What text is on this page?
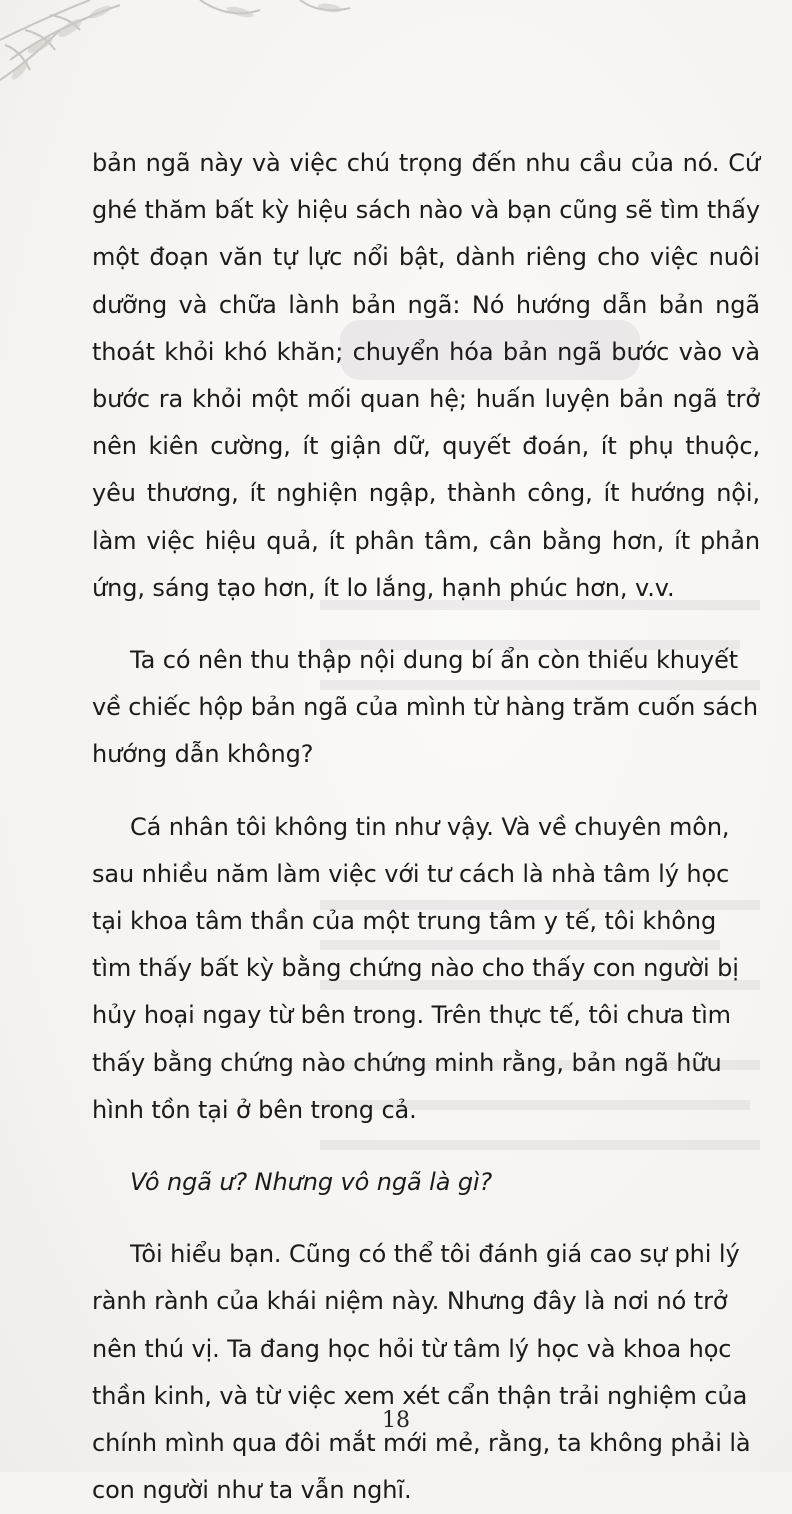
bản ngã này và việc chú trọng đến nhu cầu của nó. Cứ ghé thăm bất kỳ hiệu sách nào và bạn cũng sẽ tìm thấy một đoạn văn tự lực nổi bật, dành riêng cho việc nuôi dưỡng và chữa lành bản ngã: Nó hướng dẫn bản ngã thoát khỏi khó khăn; chuyển hóa bản ngã bước vào và bước ra khỏi một mối quan hệ; huấn luyện bản ngã trở nên kiên cường, ít giận dữ, quyết đoán, ít phụ thuộc, yêu thương, ít nghiện ngập, thành công, ít hướng nội, làm việc hiệu quả, ít phân tâm, cân bằng hơn, ít phản ứng, sáng tạo hơn, ít lo lắng, hạnh phúc hơn, v.v.

Ta có nên thu thập nội dung bí ẩn còn thiếu khuyết về chiếc hộp bản ngã của mình từ hàng trăm cuốn sách hướng dẫn không?

Cá nhân tôi không tin như vậy. Và về chuyên môn, sau nhiều năm làm việc với tư cách là nhà tâm lý học tại khoa tâm thần của một trung tâm y tế, tôi không tìm thấy bất kỳ bằng chứng nào cho thấy con người bị hủy hoại ngay từ bên trong. Trên thực tế, tôi chưa tìm thấy bằng chứng nào chứng minh rằng, bản ngã hữu hình tồn tại ở bên trong cả.

Vô ngã ư? Nhưng vô ngã là gì?

Tôi hiểu bạn. Cũng có thể tôi đánh giá cao sự phi lý rành rành của khái niệm này. Nhưng đây là nơi nó trở nên thú vị. Ta đang học hỏi từ tâm lý học và khoa học thần kinh, và từ việc xem xét cẩn thận trải nghiệm của chính mình qua đôi mắt mới mẻ, rằng, ta không phải là con người như ta vẫn nghĩ.

18
